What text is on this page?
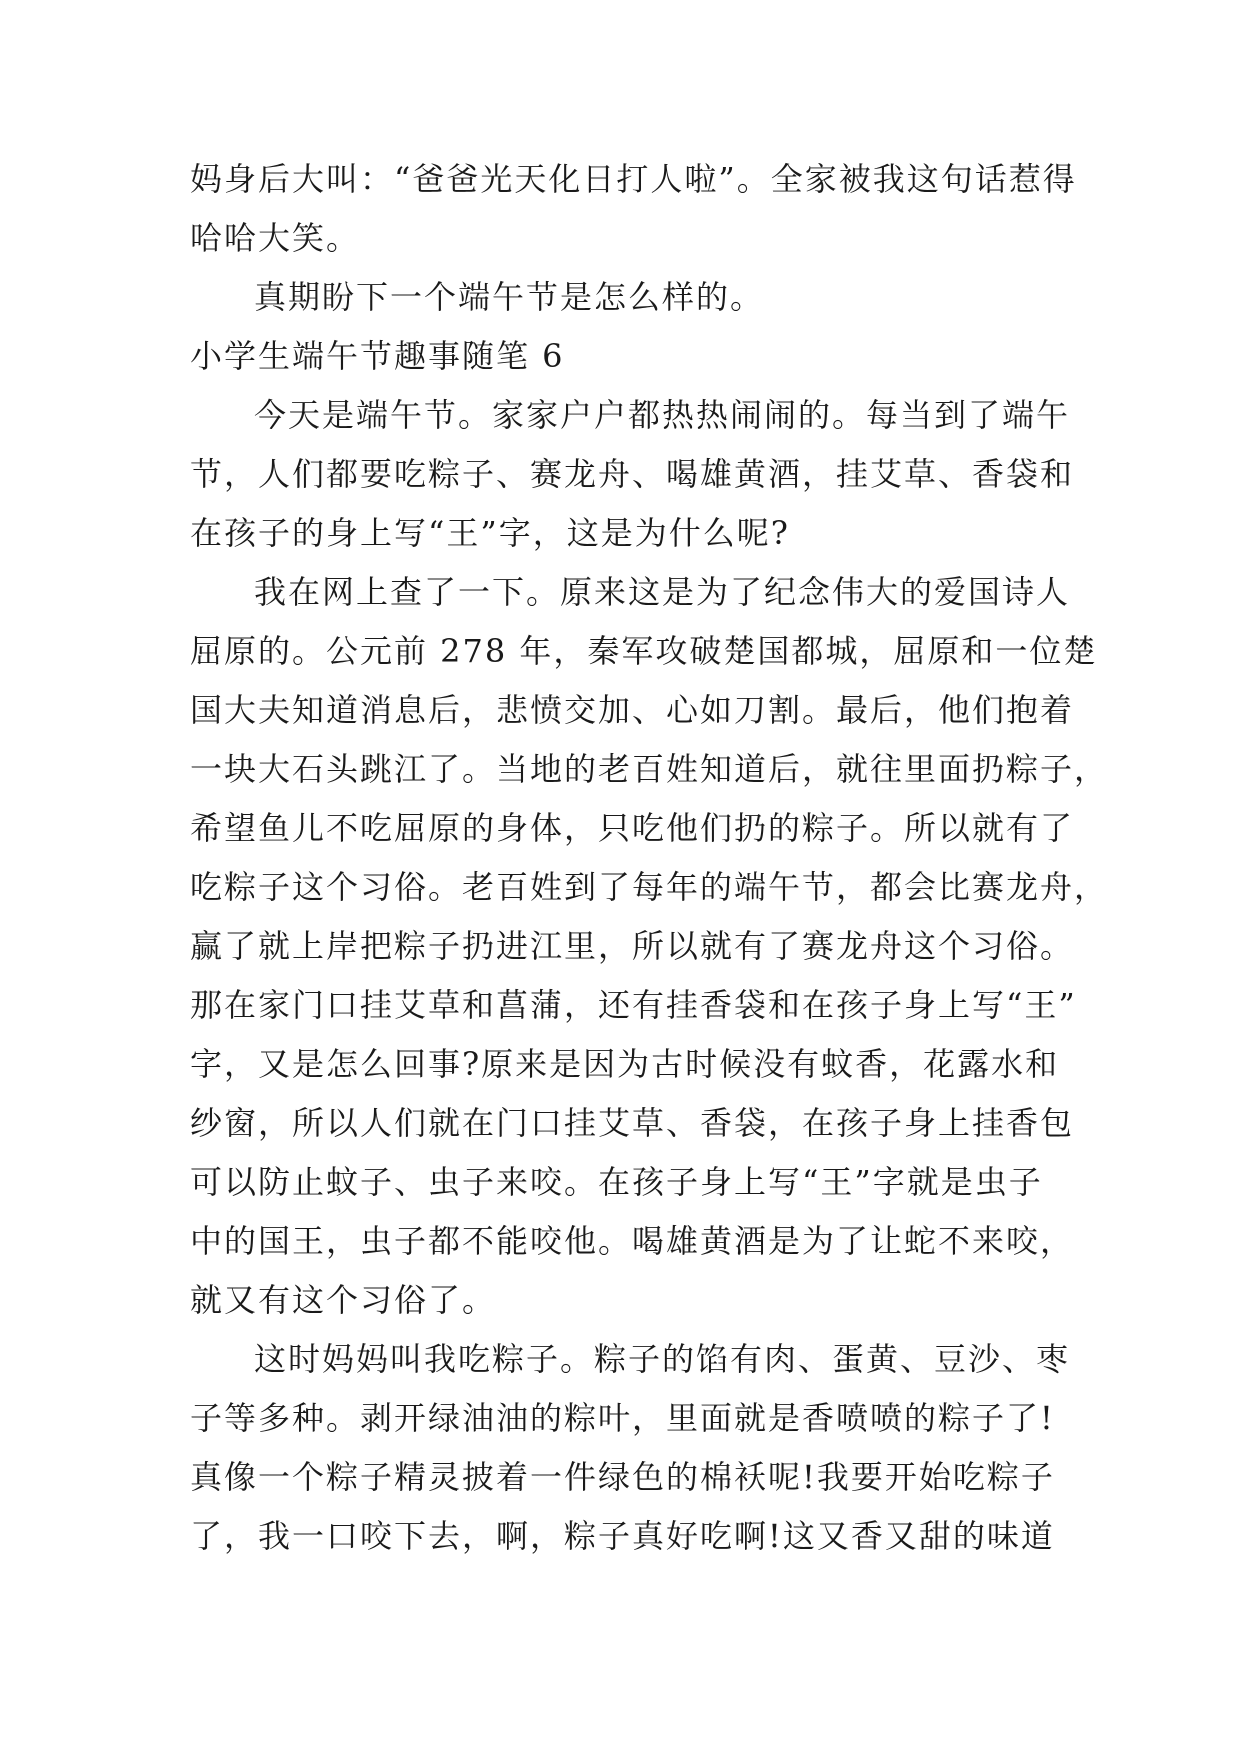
妈身后大叫：“爸爸光天化日打人啦”。全家被我这句话惹得
哈哈大笑。
真期盼下一个端午节是怎么样的。
小学生端午节趣事随笔 6
今天是端午节。家家户户都热热闹闹的。每当到了端午
节，人们都要吃粽子、赛龙舟、喝雄黄酒，挂艾草、香袋和
在孩子的身上写“王”字，这是为什么呢?
我在网上查了一下。原来这是为了纪念伟大的爱国诗人
屈原的。公元前 278 年，秦军攻破楚国都城，屈原和一位楚
国大夫知道消息后，悲愤交加、心如刀割。最后，他们抱着
一块大石头跳江了。当地的老百姓知道后，就往里面扔粽子，
希望鱼儿不吃屈原的身体，只吃他们扔的粽子。所以就有了
吃粽子这个习俗。老百姓到了每年的端午节，都会比赛龙舟，
赢了就上岸把粽子扔进江里，所以就有了赛龙舟这个习俗。
那在家门口挂艾草和菖蒲，还有挂香袋和在孩子身上写“王”
字，又是怎么回事?原来是因为古时候没有蚊香，花露水和
纱窗，所以人们就在门口挂艾草、香袋，在孩子身上挂香包
可以防止蚊子、虫子来咬。在孩子身上写“王”字就是虫子
中的国王，虫子都不能咬他。喝雄黄酒是为了让蛇不来咬，
就又有这个习俗了。
这时妈妈叫我吃粽子。粽子的馅有肉、蛋黄、豆沙、枣
子等多种。剥开绿油油的粽叶，里面就是香喷喷的粽子了!
真像一个粽子精灵披着一件绿色的棉袄呢!我要开始吃粽子
了，我一口咬下去，啊，粽子真好吃啊!这又香又甜的味道
